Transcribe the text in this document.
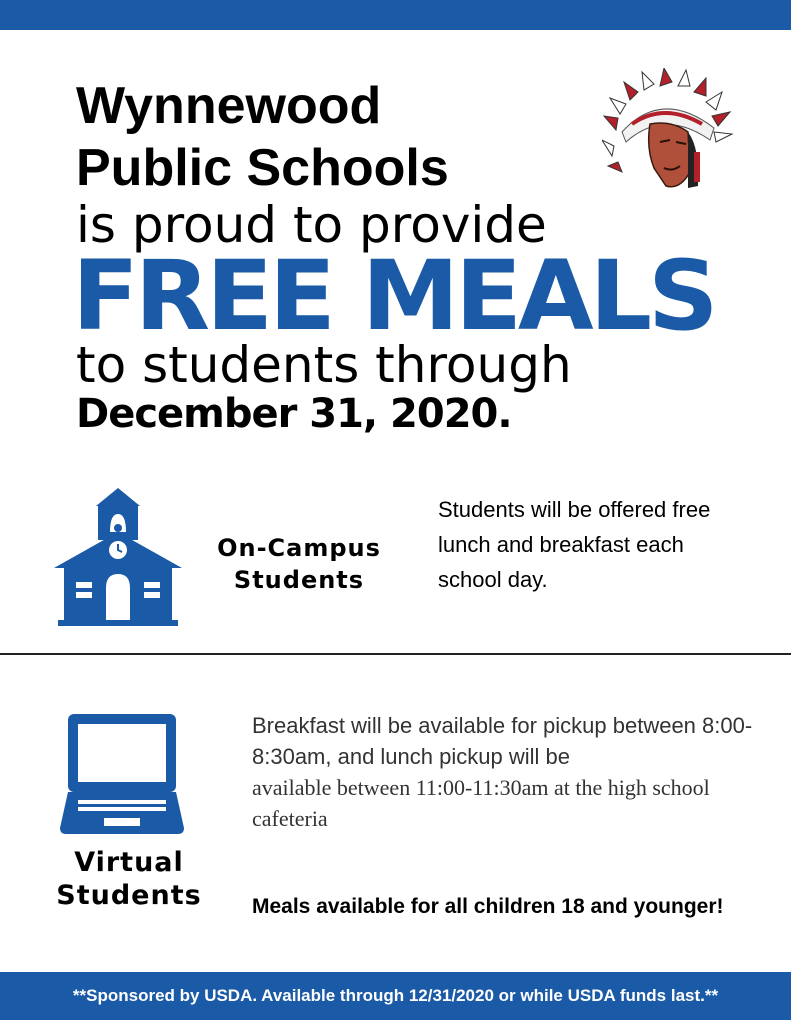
Wynnewood
Public Schools
is proud to provide
FREE MEALS
to students through
December 31, 2020.
On-Campus
Students
Students will be offered free lunch and breakfast each school day.
Virtual
Students
Breakfast will be available for pickup between 8:00-8:30am, and lunch pickup will be
available between 11:00-11:30am at the high school cafeteria
Meals available for all children 18 and younger!
**Sponsored by USDA. Available through 12/31/2020 or while USDA funds last.**
